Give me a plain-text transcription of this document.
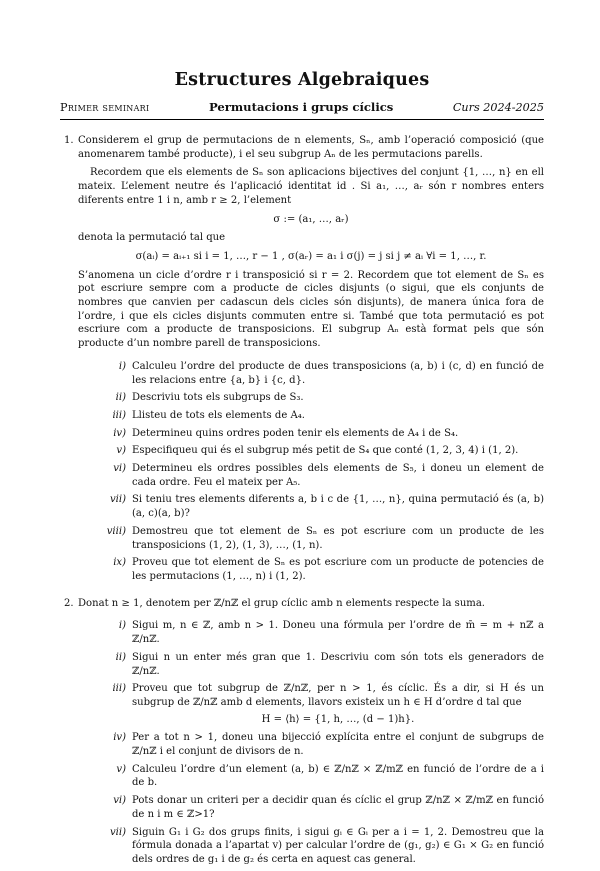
Estructures Algebraiques
Primer seminari	Permutacions i grups cíclics	Curs 2024-2025
1. Considerem el grup de permutacions de n elements, Sₙ, amb l’operació composició (que anomenarem també producte), i el seu subgrup Aₙ de les permutacions parells.

Recordem que els elements de Sₙ son aplicacions bijectives del conjunt {1, …, n} en ell mateix. L’element neutre és l’aplicació identitat id . Si a₁, …, aᵣ són r nombres enters diferents entre 1 i n, amb r ≥ 2, l’element

σ := (a₁, …, aᵣ)

denota la permutació tal que

σ(aᵢ) = aᵢ₊₁ si i = 1, …, r − 1 , σ(aᵣ) = a₁ i σ(j) = j si j ≠ aᵢ ∀i = 1, …, r.

S’anomena un cicle d’ordre r i transposició si r = 2. Recordem que tot element de Sₙ es pot escriure sempre com a producte de cicles disjunts (o sigui, que els conjunts de nombres que canvien per cadascun dels cicles són disjunts), de manera única fora de l’ordre, i que els cicles disjunts commuten entre si. També que tota permutació es pot escriure com a producte de transposicions. El subgrup Aₙ està format pels que són producte d’un nombre parell de transposicions.

i) Calculeu l’ordre del producte de dues transposicions (a, b) i (c, d) en funció de les relacions entre {a, b} i {c, d}.
ii) Descriviu tots els subgrups de S₃.
iii) Llisteu de tots els elements de A₄.
iv) Determineu quins ordres poden tenir els elements de A₄ i de S₄.
v) Especifiqueu qui és el subgrup més petit de S₄ que conté (1, 2, 3, 4) i (1, 2).
vi) Determineu els ordres possibles dels elements de S₅, i doneu un element de cada ordre. Feu el mateix per A₅.
vii) Si teniu tres elements diferents a, b i c de {1, …, n}, quina permutació és (a, b)(a, c)(a, b)?
viii) Demostreu que tot element de Sₙ es pot escriure com un producte de les transposicions (1, 2), (1, 3), …, (1, n).
ix) Proveu que tot element de Sₙ es pot escriure com un producte de potencies de les permutacions (1, …, n) i (1, 2).
2. Donat n ≥ 1, denotem per ℤ/nℤ el grup cíclic amb n elements respecte la suma.

i) Sigui m, n ∈ ℤ, amb n > 1. Doneu una fórmula per l’ordre de m̄ = m + nℤ a ℤ/nℤ.
ii) Sigui n un enter més gran que 1. Descriviu com són tots els generadors de ℤ/nℤ.
iii) Proveu que tot subgrup de ℤ/nℤ, per n > 1, és cíclic. És a dir, si H és un subgrup de ℤ/nℤ amb d elements, llavors existeix un h ∈ H d’ordre d tal que
H = ⟨h⟩ = {1, h, …, (d − 1)h}.
iv) Per a tot n > 1, doneu una bijecció explícita entre el conjunt de subgrups de ℤ/nℤ i el conjunt de divisors de n.
v) Calculeu l’ordre d’un element (a, b) ∈ ℤ/nℤ × ℤ/mℤ en funció de l’ordre de a i de b.
vi) Pots donar un criteri per a decidir quan és cíclic el grup ℤ/nℤ × ℤ/mℤ en funció de n i m ∈ ℤ>1?
vii) Siguin G₁ i G₂ dos grups finits, i sigui gᵢ ∈ Gᵢ per a i = 1, 2. Demostreu que la fórmula donada a l’apartat v) per calcular l’ordre de (g₁, g₂) ∈ G₁ × G₂ en funció dels ordres de g₁ i de g₂ és certa en aquest cas general.
